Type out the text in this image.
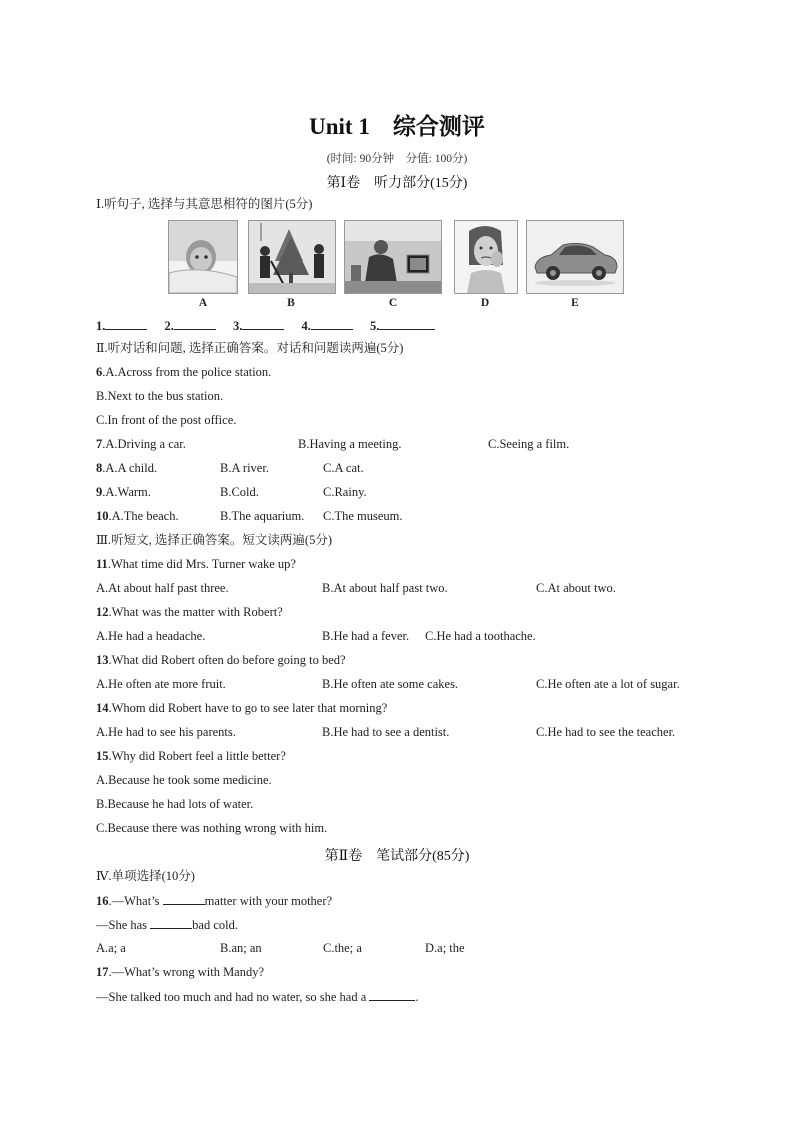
Unit 1　综合测评
(时间: 90分钟　分值: 100分)
第Ⅰ卷　听力部分(15分)
Ⅰ.听句子, 选择与其意思相符的图片(5分)
A	B	C	D	E
1.	2.	3.	4.	5.
Ⅱ.听对话和问题, 选择正确答案。对话和问题读两遍(5分)
6.A.Across from the police station.
B.Next to the bus station.
C.In front of the post office.
7.A.Driving a car.	B.Having a meeting.	C.Seeing a film.
8.A.A child.	B.A river.	C.A cat.
9.A.Warm.	B.Cold.	C.Rainy.
10.A.The beach.	B.The aquarium. C.The museum.
Ⅲ.听短文, 选择正确答案。短文读两遍(5分)
11.What time did Mrs. Turner wake up?
A.At about half past three.	B.At about half past two.	C.At about two.
12.What was the matter with Robert?
A.He had a headache.	B.He had a fever. C.He had a toothache.
13.What did Robert often do before going to bed?
A.He often ate more fruit.	B.He often ate some cakes.	C.He often ate a lot of sugar.
14.Whom did Robert have to go to see later that morning?
A.He had to see his parents.	B.He had to see a dentist.	C.He had to see the teacher.
15.Why did Robert feel a little better?
A.Because he took some medicine.
B.Because he had lots of water.
C.Because there was nothing wrong with him.
第Ⅱ卷　笔试部分(85分)
Ⅳ.单项选择(10分)
16.—What’s	matter with your mother?
—She has	bad cold.
A.a; a	B.an; an	C.the; a	D.a; the
17.—What’s wrong with Mandy?
—She talked too much and had no water, so she had a	.
